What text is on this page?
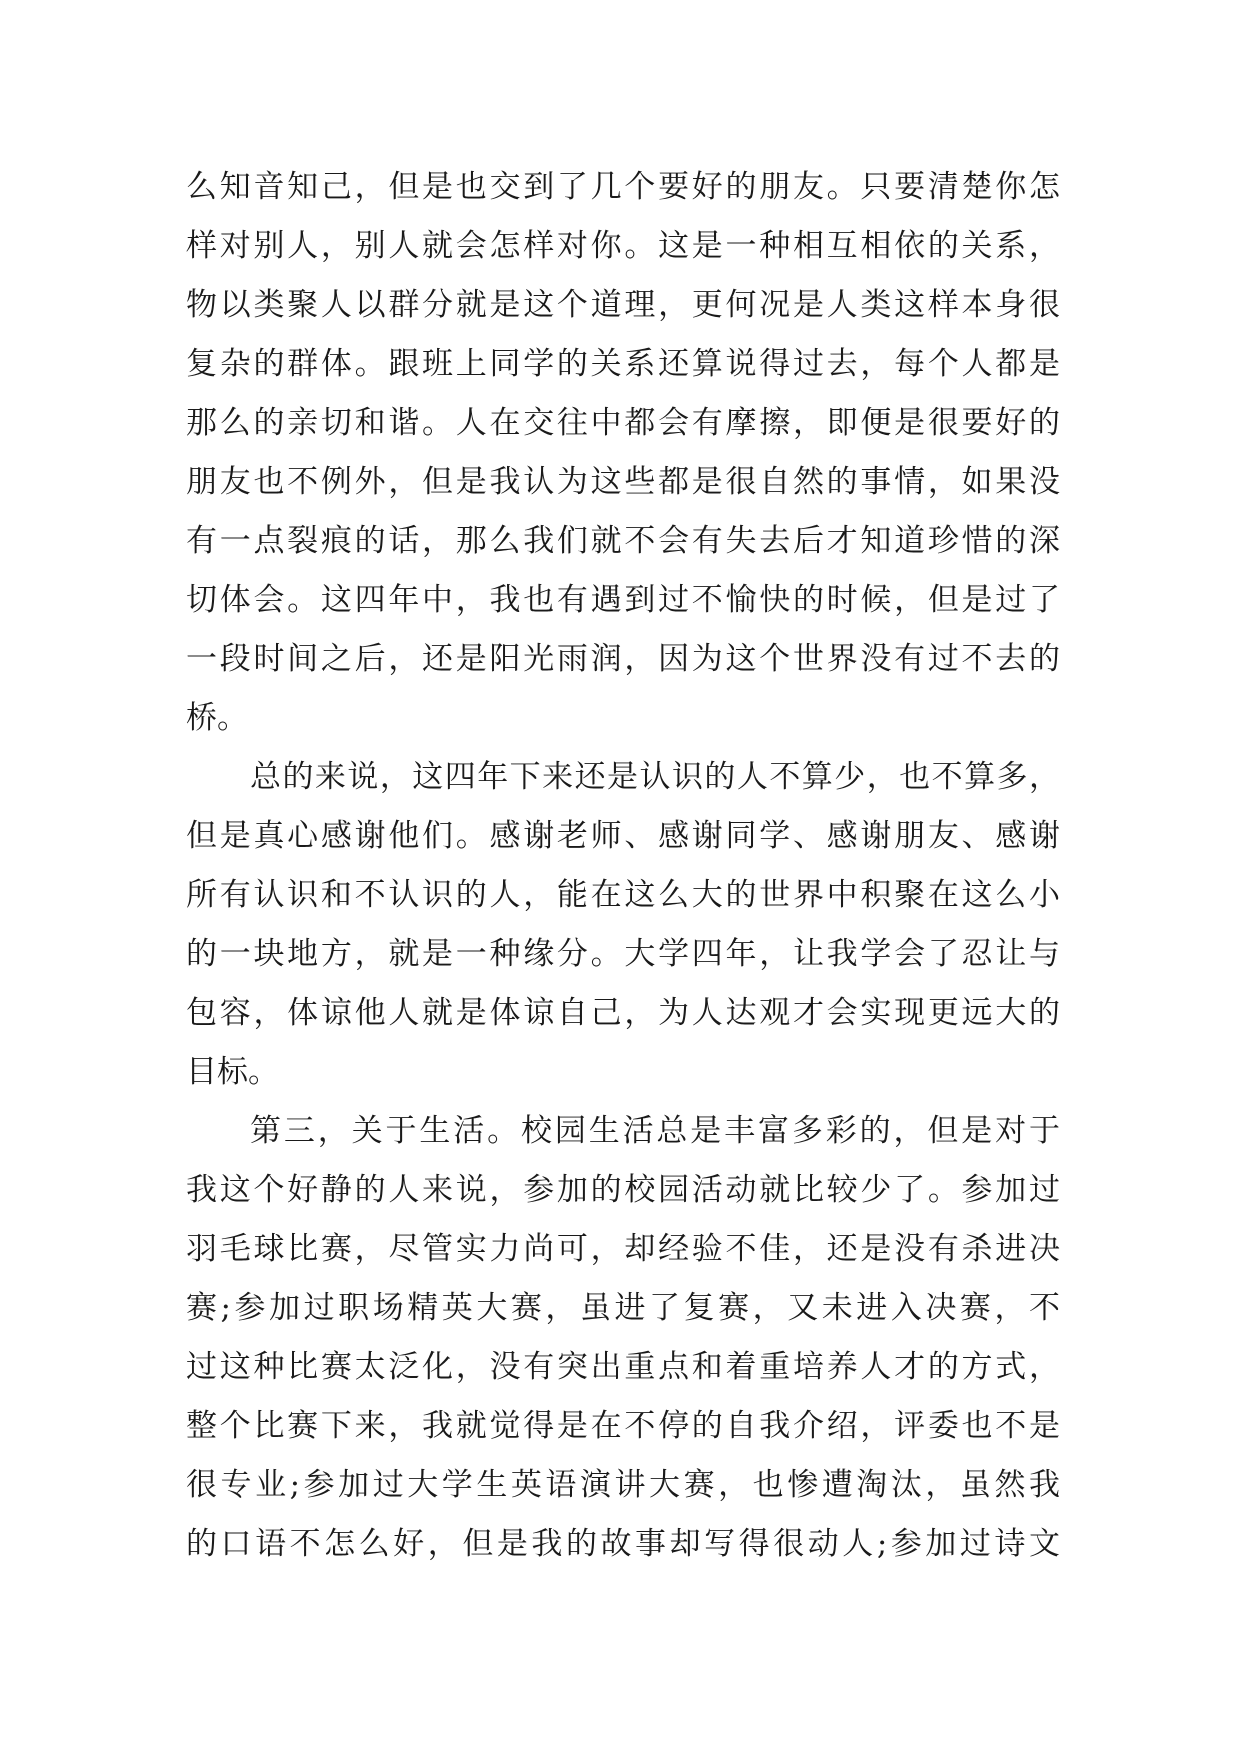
么知音知己，但是也交到了几个要好的朋友。只要清楚你怎
样对别人，别人就会怎样对你。这是一种相互相依的关系，
物以类聚人以群分就是这个道理，更何况是人类这样本身很
复杂的群体。跟班上同学的关系还算说得过去，每个人都是
那么的亲切和谐。人在交往中都会有摩擦，即便是很要好的
朋友也不例外，但是我认为这些都是很自然的事情，如果没
有一点裂痕的话，那么我们就不会有失去后才知道珍惜的深
切体会。这四年中，我也有遇到过不愉快的时候，但是过了
一段时间之后，还是阳光雨润，因为这个世界没有过不去的
桥。
总的来说，这四年下来还是认识的人不算少，也不算多，
但是真心感谢他们。感谢老师、感谢同学、感谢朋友、感谢
所有认识和不认识的人，能在这么大的世界中积聚在这么小
的一块地方，就是一种缘分。大学四年，让我学会了忍让与
包容，体谅他人就是体谅自己，为人达观才会实现更远大的
目标。
第三，关于生活。校园生活总是丰富多彩的，但是对于
我这个好静的人来说，参加的校园活动就比较少了。参加过
羽毛球比赛，尽管实力尚可，却经验不佳，还是没有杀进决
赛;参加过职场精英大赛，虽进了复赛，又未进入决赛，不
过这种比赛太泛化，没有突出重点和着重培养人才的方式，
整个比赛下来，我就觉得是在不停的自我介绍，评委也不是
很专业;参加过大学生英语演讲大赛，也惨遭淘汰，虽然我
的口语不怎么好，但是我的故事却写得很动人;参加过诗文
